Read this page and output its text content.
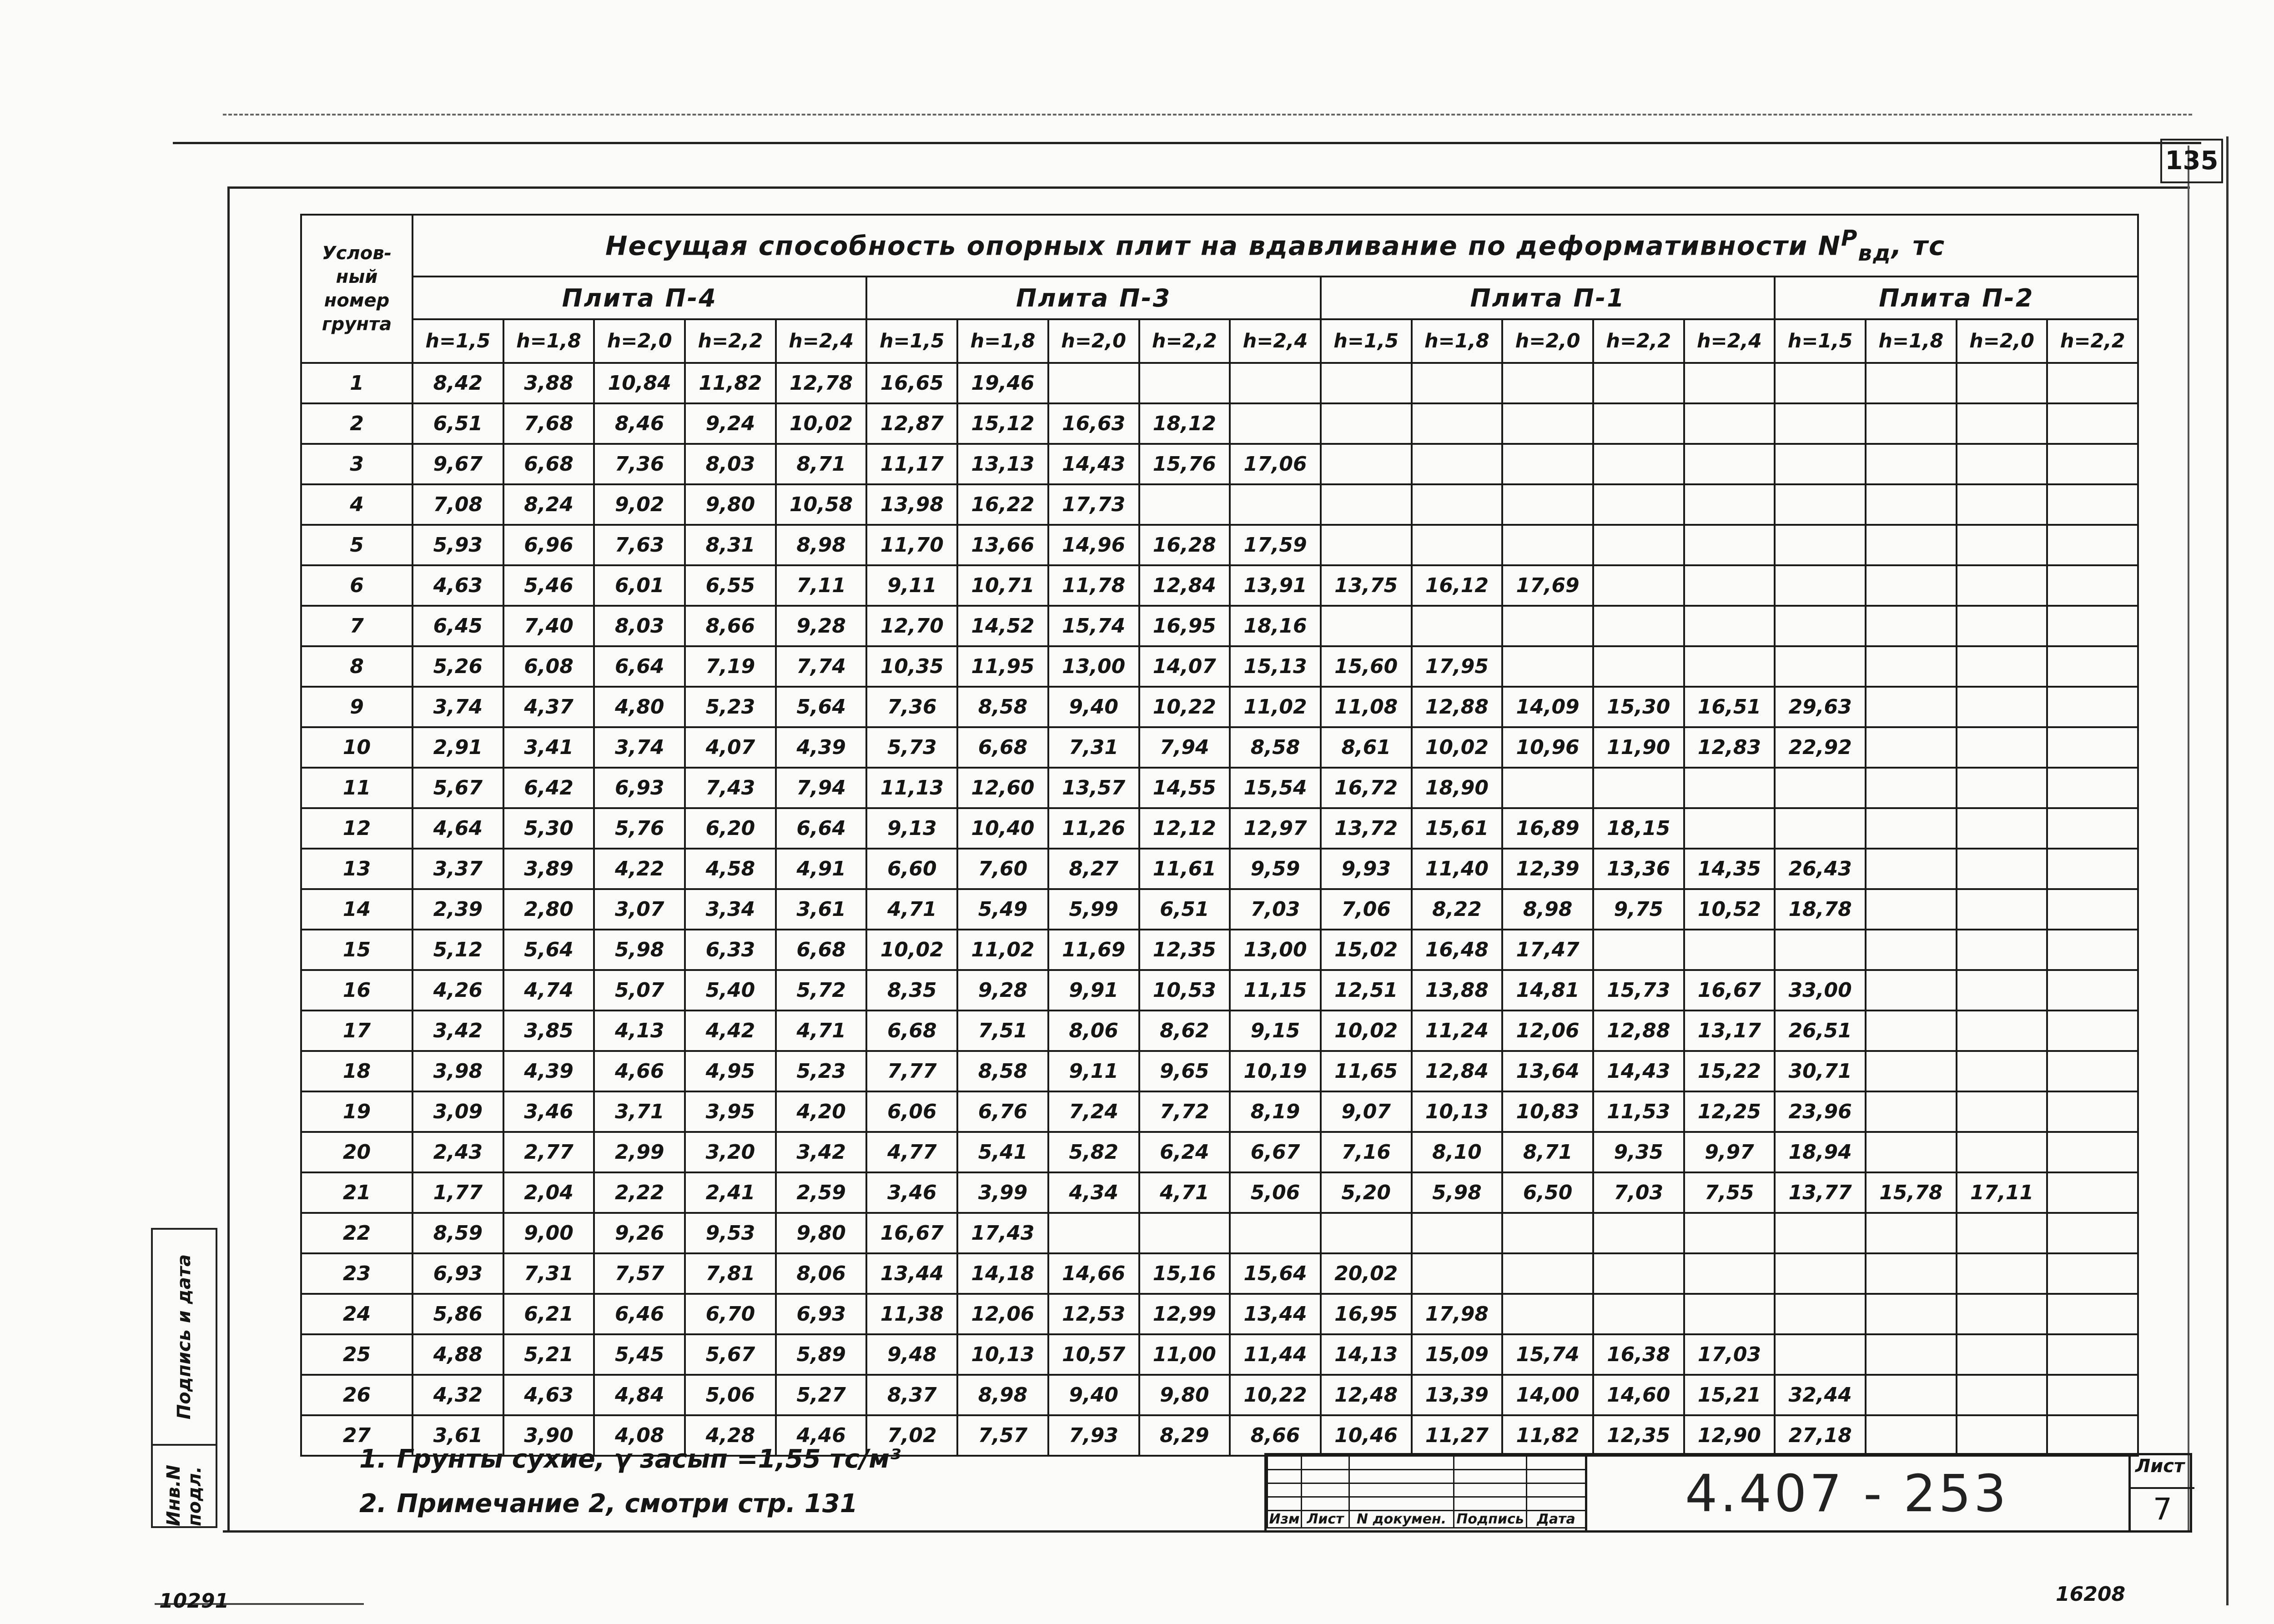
135
Услов-
ный
номер
грунта	Несущая способность опорных плит на вдавливание по деформативности $N^P_{вд}$, тс																		
	Плита П-4					Плита П-3					Плита П-1					Плита П-2			
	h=1,5	h=1,8	h=2,0	h=2,2	h=2,4	h=1,5	h=1,8	h=2,0	h=2,2	h=2,4	h=1,5	h=1,8	h=2,0	h=2,2	h=2,4	h=1,5	h=1,8	h=2,0	h=2,2
1	8,42	3,88	10,84	11,82	12,78	16,65	19,46												
2	6,51	7,68	8,46	9,24	10,02	12,87	15,12	16,63	18,12										
3	9,67	6,68	7,36	8,03	8,71	11,17	13,13	14,43	15,76	17,06									
4	7,08	8,24	9,02	9,80	10,58	13,98	16,22	17,73											
5	5,93	6,96	7,63	8,31	8,98	11,70	13,66	14,96	16,28	17,59									
6	4,63	5,46	6,01	6,55	7,11	9,11	10,71	11,78	12,84	13,91	13,75	16,12	17,69						
7	6,45	7,40	8,03	8,66	9,28	12,70	14,52	15,74	16,95	18,16									
8	5,26	6,08	6,64	7,19	7,74	10,35	11,95	13,00	14,07	15,13	15,60	17,95							
9	3,74	4,37	4,80	5,23	5,64	7,36	8,58	9,40	10,22	11,02	11,08	12,88	14,09	15,30	16,51	29,63			
10	2,91	3,41	3,74	4,07	4,39	5,73	6,68	7,31	7,94	8,58	8,61	10,02	10,96	11,90	12,83	22,92			
11	5,67	6,42	6,93	7,43	7,94	11,13	12,60	13,57	14,55	15,54	16,72	18,90							
12	4,64	5,30	5,76	6,20	6,64	9,13	10,40	11,26	12,12	12,97	13,72	15,61	16,89	18,15					
13	3,37	3,89	4,22	4,58	4,91	6,60	7,60	8,27	11,61	9,59	9,93	11,40	12,39	13,36	14,35	26,43			
14	2,39	2,80	3,07	3,34	3,61	4,71	5,49	5,99	6,51	7,03	7,06	8,22	8,98	9,75	10,52	18,78			
15	5,12	5,64	5,98	6,33	6,68	10,02	11,02	11,69	12,35	13,00	15,02	16,48	17,47						
16	4,26	4,74	5,07	5,40	5,72	8,35	9,28	9,91	10,53	11,15	12,51	13,88	14,81	15,73	16,67	33,00			
17	3,42	3,85	4,13	4,42	4,71	6,68	7,51	8,06	8,62	9,15	10,02	11,24	12,06	12,88	13,17	26,51			
18	3,98	4,39	4,66	4,95	5,23	7,77	8,58	9,11	9,65	10,19	11,65	12,84	13,64	14,43	15,22	30,71			
19	3,09	3,46	3,71	3,95	4,20	6,06	6,76	7,24	7,72	8,19	9,07	10,13	10,83	11,53	12,25	23,96			
20	2,43	2,77	2,99	3,20	3,42	4,77	5,41	5,82	6,24	6,67	7,16	8,10	8,71	9,35	9,97	18,94			
21	1,77	2,04	2,22	2,41	2,59	3,46	3,99	4,34	4,71	5,06	5,20	5,98	6,50	7,03	7,55	13,77	15,78	17,11	
22	8,59	9,00	9,26	9,53	9,80	16,67	17,43												
23	6,93	7,31	7,57	7,81	8,06	13,44	14,18	14,66	15,16	15,64	20,02								
24	5,86	6,21	6,46	6,70	6,93	11,38	12,06	12,53	12,99	13,44	16,95	17,98							
25	4,88	5,21	5,45	5,67	5,89	9,48	10,13	10,57	11,00	11,44	14,13	15,09	15,74	16,38	17,03				
26	4,32	4,63	4,84	5,06	5,27	8,37	8,98	9,40	9,80	10,22	12,48	13,39	14,00	14,60	15,21	32,44			
27	3,61	3,90	4,08	4,28	4,46	7,02	7,57	7,93	8,29	8,66	10,46	11,27	11,82	12,35	12,90	27,18			
1. Грунты сухие, γ засып =1,55 тс/м³
2. Примечание 2, смотри стр. 131
Инв.N подл.
Подпись и дата

Изм	Лист	N докумен.	Подпись	Дата 4.407 - 253	Лист
7
10291	16208
